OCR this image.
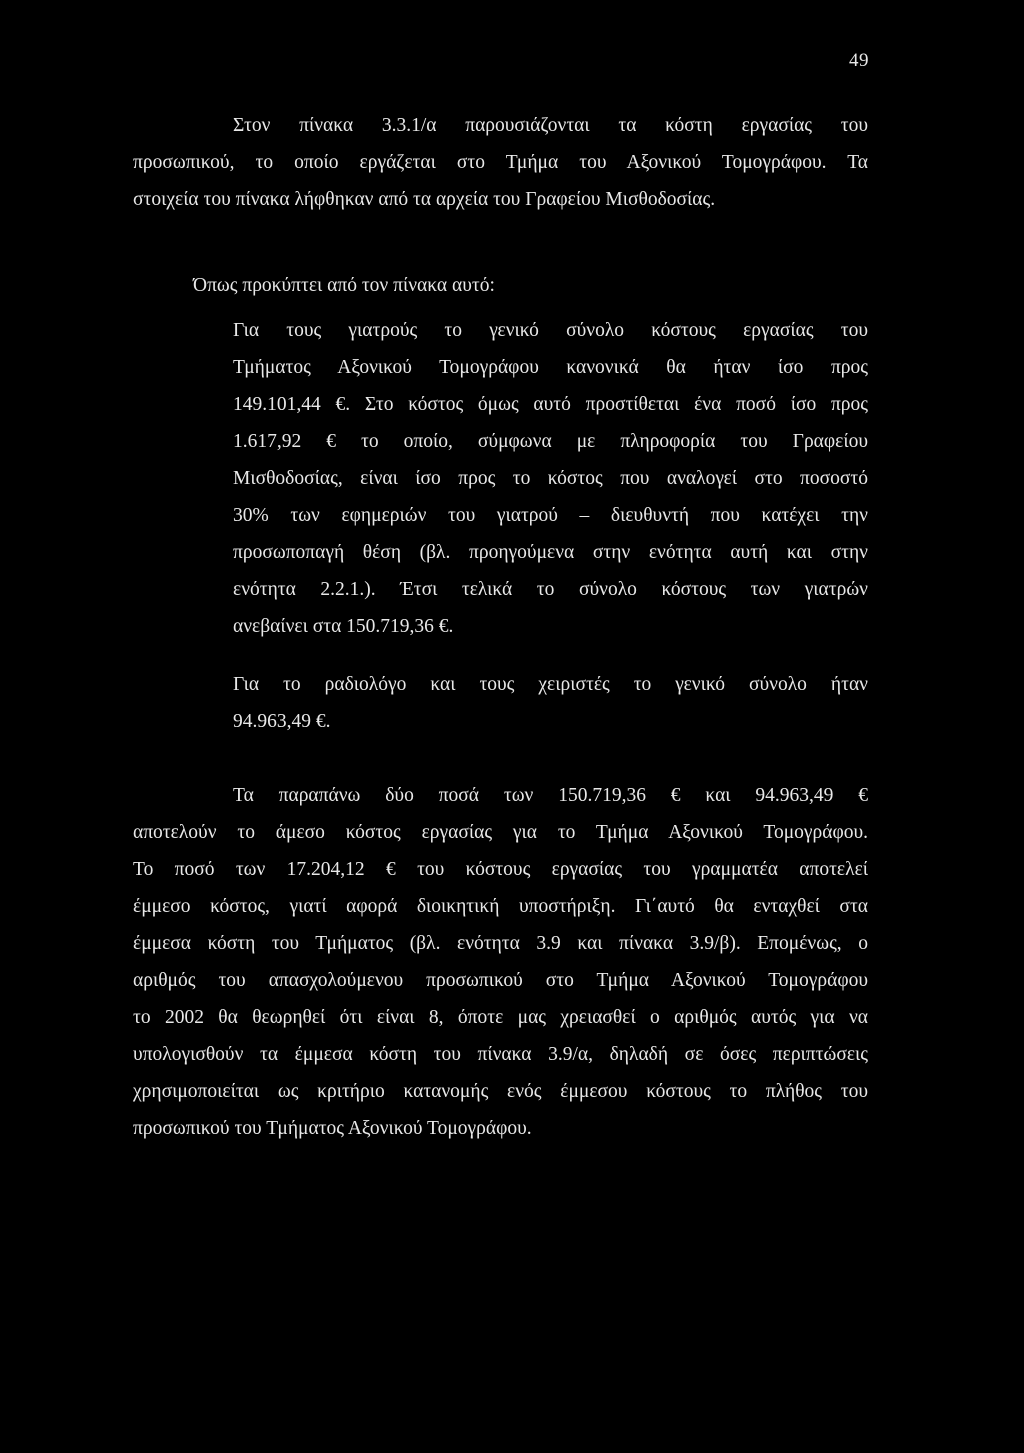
49
Στον πίνακα 3.3.1/α παρουσιάζονται τα κόστη εργασίας του
προσωπικού, το οποίο εργάζεται στο Τμήμα του Αξονικού Τομογράφου. Τα
στοιχεία του πίνακα λήφθηκαν από τα αρχεία του Γραφείου Μισθοδοσίας.
Όπως προκύπτει από τον πίνακα αυτό:
Για τους γιατρούς το γενικό σύνολο κόστους εργασίας του
Τμήματος Αξονικού Τομογράφου κανονικά θα ήταν ίσο προς
149.101,44 €. Στο κόστος όμως αυτό προστίθεται ένα ποσό ίσο προς
1.617,92 € το οποίο, σύμφωνα με πληροφορία του Γραφείου
Μισθοδοσίας, είναι ίσο προς το κόστος που αναλογεί στο ποσοστό
30% των εφημεριών του γιατρού – διευθυντή που κατέχει την
προσωποπαγή θέση (βλ. προηγούμενα στην ενότητα αυτή και στην
ενότητα 2.2.1.). Έτσι τελικά το σύνολο κόστους των γιατρών
ανεβαίνει στα 150.719,36 €.
Για το ραδιολόγο και τους χειριστές το γενικό σύνολο ήταν
94.963,49 €.
Τα παραπάνω δύο ποσά των 150.719,36 € και 94.963,49 €
αποτελούν το άμεσο κόστος εργασίας για το Τμήμα Αξονικού Τομογράφου.
Το ποσό των 17.204,12 € του κόστους εργασίας του γραμματέα αποτελεί
έμμεσο κόστος, γιατί αφορά διοικητική υποστήριξη. Γι΄αυτό θα ενταχθεί στα
έμμεσα κόστη του Τμήματος (βλ. ενότητα 3.9 και πίνακα 3.9/β). Επομένως, ο
αριθμός του απασχολούμενου προσωπικού στο Τμήμα Αξονικού Τομογράφου
το 2002 θα θεωρηθεί ότι είναι 8, όποτε μας χρειασθεί ο αριθμός αυτός για να
υπολογισθούν τα έμμεσα κόστη του πίνακα 3.9/α, δηλαδή σε όσες περιπτώσεις
χρησιμοποιείται ως κριτήριο κατανομής ενός έμμεσου κόστους το πλήθος του
προσωπικού του Τμήματος Αξονικού Τομογράφου.
